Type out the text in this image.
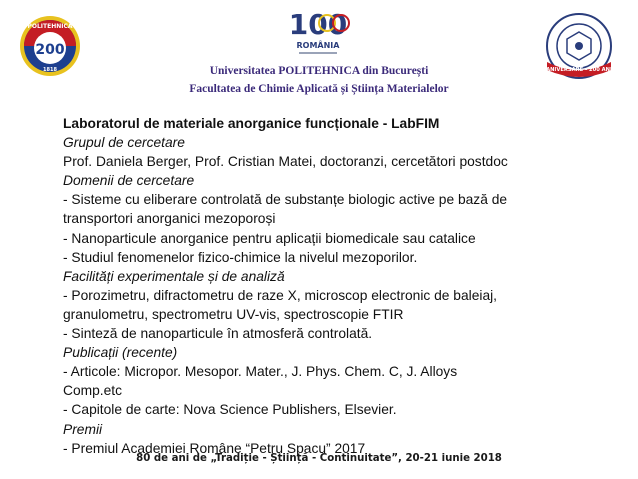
200
POLITEHNICA
1818
100
ROMÂNIA
ANIVERSARE - 200 ANI
Universitatea POLITEHNICA din București
Facultatea de Chimie Aplicată și Știința Materialelor
Laboratorul de materiale anorganice funcționale - LabFIM
Grupul de cercetare
Prof. Daniela Berger, Prof. Cristian Matei, doctoranzi, cercetători postdoc
Domenii de cercetare
- Sisteme cu eliberare controlată de substanțe biologic active pe bază de
transportori anorganici mezoporoși
- Nanoparticule anorganice pentru aplicații biomedicale sau catalice
- Studiul fenomenelor fizico-chimice la nivelul mezoporilor.
Facilități experimentale și de analiză
- Porozimetru, difractometru de raze X, microscop electronic de baleiaj,
granulometru, spectrometru UV-vis, spectroscopie FTIR
- Sinteză de nanoparticule în atmosferă controlată.
Publicații (recente)
- Articole: Micropor. Mesopor. Mater., J. Phys. Chem. C, J. Alloys
Comp.etc
- Capitole de carte: Nova Science Publishers, Elsevier.
Premii
- Premiul Academiei Române “Petru Spacu” 2017
80 de ani de „Tradiție - Știință - Continuitate”, 20-21 iunie 2018
